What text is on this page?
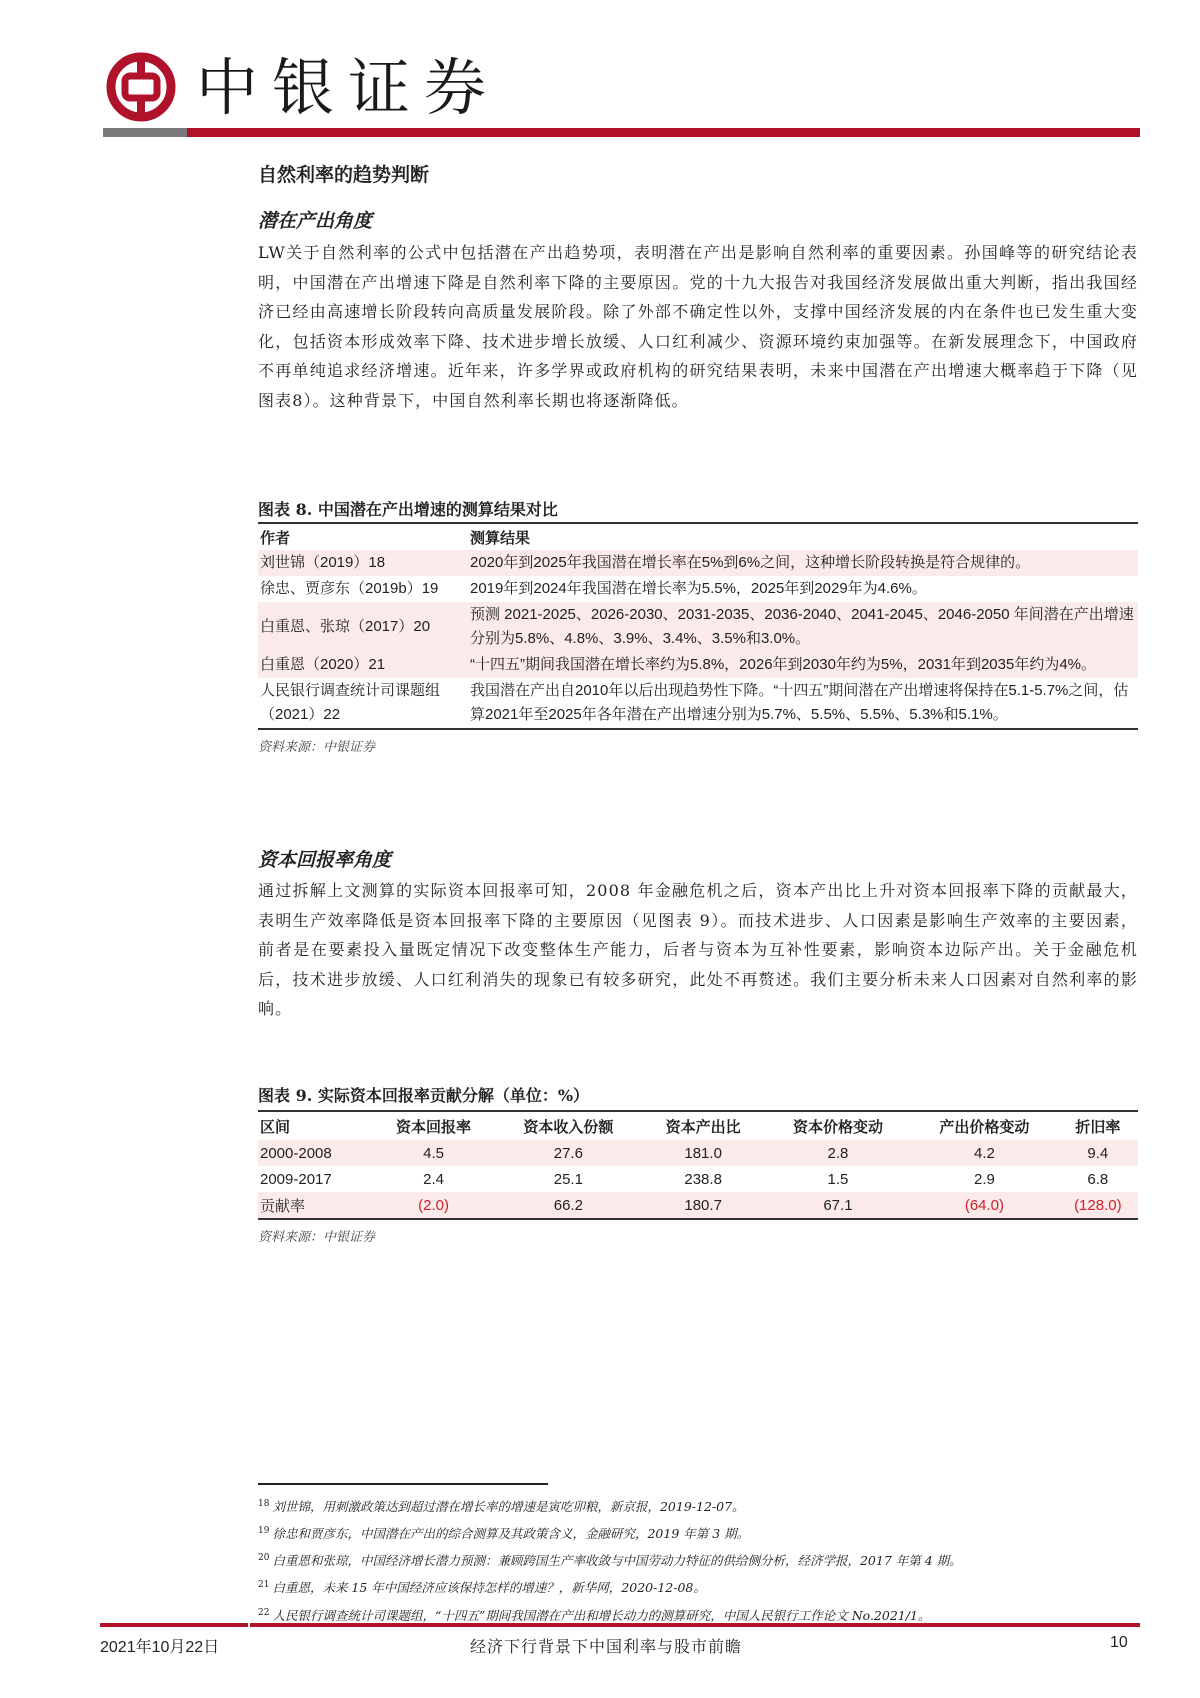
中银证券
自然利率的趋势判断
潜在产出角度
LW关于自然利率的公式中包括潜在产出趋势项，表明潜在产出是影响自然利率的重要因素。孙国峰等的研究结论表明，中国潜在产出增速下降是自然利率下降的主要原因。党的十九大报告对我国经济发展做出重大判断，指出我国经济已经由高速增长阶段转向高质量发展阶段。除了外部不确定性以外，支撑中国经济发展的内在条件也已发生重大变化，包括资本形成效率下降、技术进步增长放缓、人口红利减少、资源环境约束加强等。在新发展理念下，中国政府不再单纯追求经济增速。近年来，许多学界或政府机构的研究结果表明，未来中国潜在产出增速大概率趋于下降（见图表8）。这种背景下，中国自然利率长期也将逐渐降低。
图表 8. 中国潜在产出增速的测算结果对比
作者	测算结果
刘世锦（2019）18	2020年到2025年我国潜在增长率在5%到6%之间，这种增长阶段转换是符合规律的。
徐忠、贾彦东（2019b）19	2019年到2024年我国潜在增长率为5.5%，2025年到2029年为4.6%。
白重恩、张琼（2017）20	预测 2021-2025、2026-2030、2031-2035、2036-2040、2041-2045、2046-2050 年间潜在产出增速分别为5.8%、4.8%、3.9%、3.4%、3.5%和3.0%。
白重恩（2020）21	“十四五”期间我国潜在增长率约为5.8%，2026年到2030年约为5%，2031年到2035年约为4%。
人民银行调查统计司课题组（2021）22	我国潜在产出自2010年以后出现趋势性下降。“十四五”期间潜在产出增速将保持在5.1-5.7%之间，估算2021年至2025年各年潜在产出增速分别为5.7%、5.5%、5.5%、5.3%和5.1%。
资料来源：中银证券
资本回报率角度
通过拆解上文测算的实际资本回报率可知，2008 年金融危机之后，资本产出比上升对资本回报率下降的贡献最大，表明生产效率降低是资本回报率下降的主要原因（见图表 9）。而技术进步、人口因素是影响生产效率的主要因素，前者是在要素投入量既定情况下改变整体生产能力，后者与资本为互补性要素，影响资本边际产出。关于金融危机后，技术进步放缓、人口红利消失的现象已有较多研究，此处不再赘述。我们主要分析未来人口因素对自然利率的影响。
图表 9. 实际资本回报率贡献分解（单位：%）
区间	资本回报率	资本收入份额	资本产出比	资本价格变动	产出价格变动	折旧率
2000-2008	4.5	27.6	181.0	2.8	4.2	9.4
2009-2017	2.4	25.1	238.8	1.5	2.9	6.8
贡献率	(2.0)	66.2	180.7	67.1	(64.0)	(128.0)
资料来源：中银证券
$^{18}$ 刘世锦，用刺激政策达到超过潜在增长率的增速是寅吃卯粮，新京报，2019-12-07。
$^{19}$ 徐忠和贾彦东，中国潜在产出的综合测算及其政策含义，金融研究，2019 年第 3 期。
$^{20}$ 白重恩和张琼，中国经济增长潜力预测：兼顾跨国生产率收敛与中国劳动力特征的供给侧分析，经济学报，2017 年第 4 期。
$^{21}$ 白重恩，未来 15 年中国经济应该保持怎样的增速？，新华网，2020-12-08。
$^{22}$ 人民银行调查统计司课题组，“十四五”期间我国潜在产出和增长动力的测算研究，中国人民银行工作论文 No.2021/1。
2021年10月22日	经济下行背景下中国利率与股市前瞻	10
